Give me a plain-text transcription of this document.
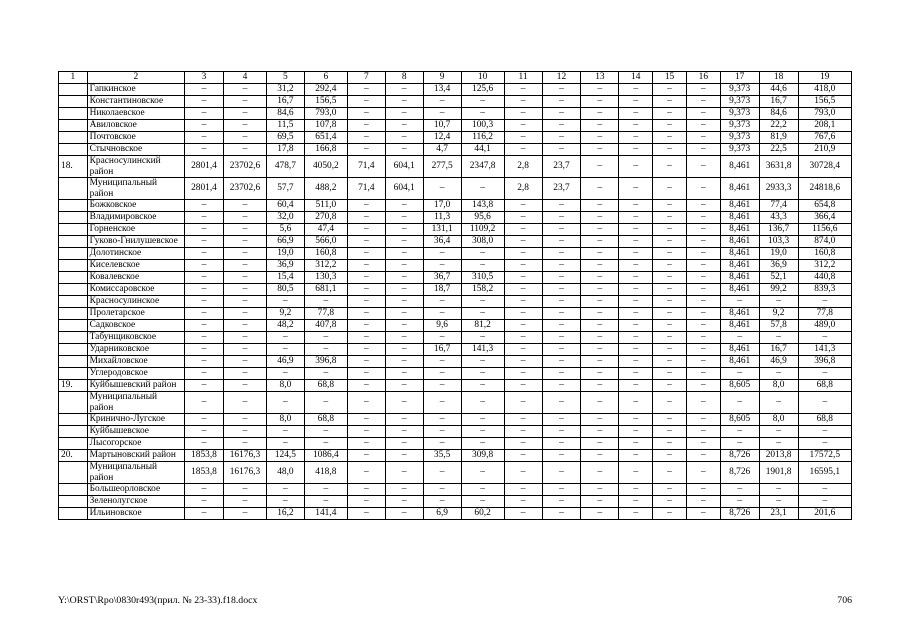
1	2	3	4	5	6	7	8	9	10	11	12	13	14	15	16	17	18	19
	Гапкинское	–	–	31,2	292,4	–	–	13,4	125,6	–	–	–	–	–	–	9,373	44,6	418,0
	Константиновское	–	–	16,7	156,5	–	–	–	–	–	–	–	–	–	–	9,373	16,7	156,5
	Николаевское	–	–	84,6	793,0	–	–	–	–	–	–	–	–	–	–	9,373	84,6	793,0
	Авиловское	–	–	11,5	107,8	–	–	10,7	100,3	–	–	–	–	–	–	9,373	22,2	208,1
	Почтовское	–	–	69,5	651,4	–	–	12,4	116,2	–	–	–	–	–	–	9,373	81,9	767,6
	Стычновское	–	–	17,8	166,8	–	–	4,7	44,1	–	–	–	–	–	–	9,373	22,5	210,9
18.	Красносулинский район	2801,4	23702,6	478,7	4050,2	71,4	604,1	277,5	2347,8	2,8	23,7	–	–	–	–	8,461	3631,8	30728,4
	Муниципальный район	2801,4	23702,6	57,7	488,2	71,4	604,1	–	–	2,8	23,7	–	–	–	–	8,461	2933,3	24818,6
	Божковское	–	–	60,4	511,0	–	–	17,0	143,8	–	–	–	–	–	–	8,461	77,4	654,8
	Владимировское	–	–	32,0	270,8	–	–	11,3	95,6	–	–	–	–	–	–	8,461	43,3	366,4
	Горненское	–	–	5,6	47,4	–	–	131,1	1109,2	–	–	–	–	–	–	8,461	136,7	1156,6
	Гуково-Гнилушевское	–	–	66,9	566,0	–	–	36,4	308,0	–	–	–	–	–	–	8,461	103,3	874,0
	Долотинское	–	–	19,0	160,8	–	–	–	–	–	–	–	–	–	–	8,461	19,0	160,8
	Киселевское	–	–	36,9	312,2	–	–	–	–	–	–	–	–	–	–	8,461	36,9	312,2
	Ковалевское	–	–	15,4	130,3	–	–	36,7	310,5	–	–	–	–	–	–	8,461	52,1	440,8
	Комиссаровское	–	–	80,5	681,1	–	–	18,7	158,2	–	–	–	–	–	–	8,461	99,2	839,3
	Красносулинское	–	–	–	–	–	–	–	–	–	–	–	–	–	–	–	–	–
	Пролетарское	–	–	9,2	77,8	–	–	–	–	–	–	–	–	–	–	8,461	9,2	77,8
	Садковское	–	–	48,2	407,8	–	–	9,6	81,2	–	–	–	–	–	–	8,461	57,8	489,0
	Табунщиковское	–	–	–	–	–	–	–	–	–	–	–	–	–	–	–	–	–
	Ударниковское	–	–	–	–	–	–	16,7	141,3	–	–	–	–	–	–	8,461	16,7	141,3
	Михайловское	–	–	46,9	396,8	–	–	–	–	–	–	–	–	–	–	8,461	46,9	396,8
	Углеродовское	–	–	–	–	–	–	–	–	–	–	–	–	–	–	–	–	–
19.	Куйбышевский район	–	–	8,0	68,8	–	–	–	–	–	–	–	–	–	–	8,605	8,0	68,8
	Муниципальный район	–	–	–	–	–	–	–	–	–	–	–	–	–	–	–	–	–
	Кринично-Лугское	–	–	8,0	68,8	–	–	–	–	–	–	–	–	–	–	8,605	8,0	68,8
	Куйбышевское	–	–	–	–	–	–	–	–	–	–	–	–	–	–	–	–	–
	Лысогорское	–	–	–	–	–	–	–	–	–	–	–	–	–	–	–	–	–
20.	Мартыновский район	1853,8	16176,3	124,5	1086,4	–	–	35,5	309,8	–	–	–	–	–	–	8,726	2013,8	17572,5
	Муниципальный район	1853,8	16176,3	48,0	418,8	–	–	–	–	–	–	–	–	–	–	8,726	1901,8	16595,1
	Большеорловское	–	–	–	–	–	–	–	–	–	–	–	–	–	–	–	–	–
	Зеленолугское	–	–	–	–	–	–	–	–	–	–	–	–	–	–	–	–	–
	Ильиновское	–	–	16,2	141,4	–	–	6,9	60,2	–	–	–	–	–	–	8,726	23,1	201,6
Y:\ORST\Rpo\0830r493(прил. № 23-33).f18.docx	706
